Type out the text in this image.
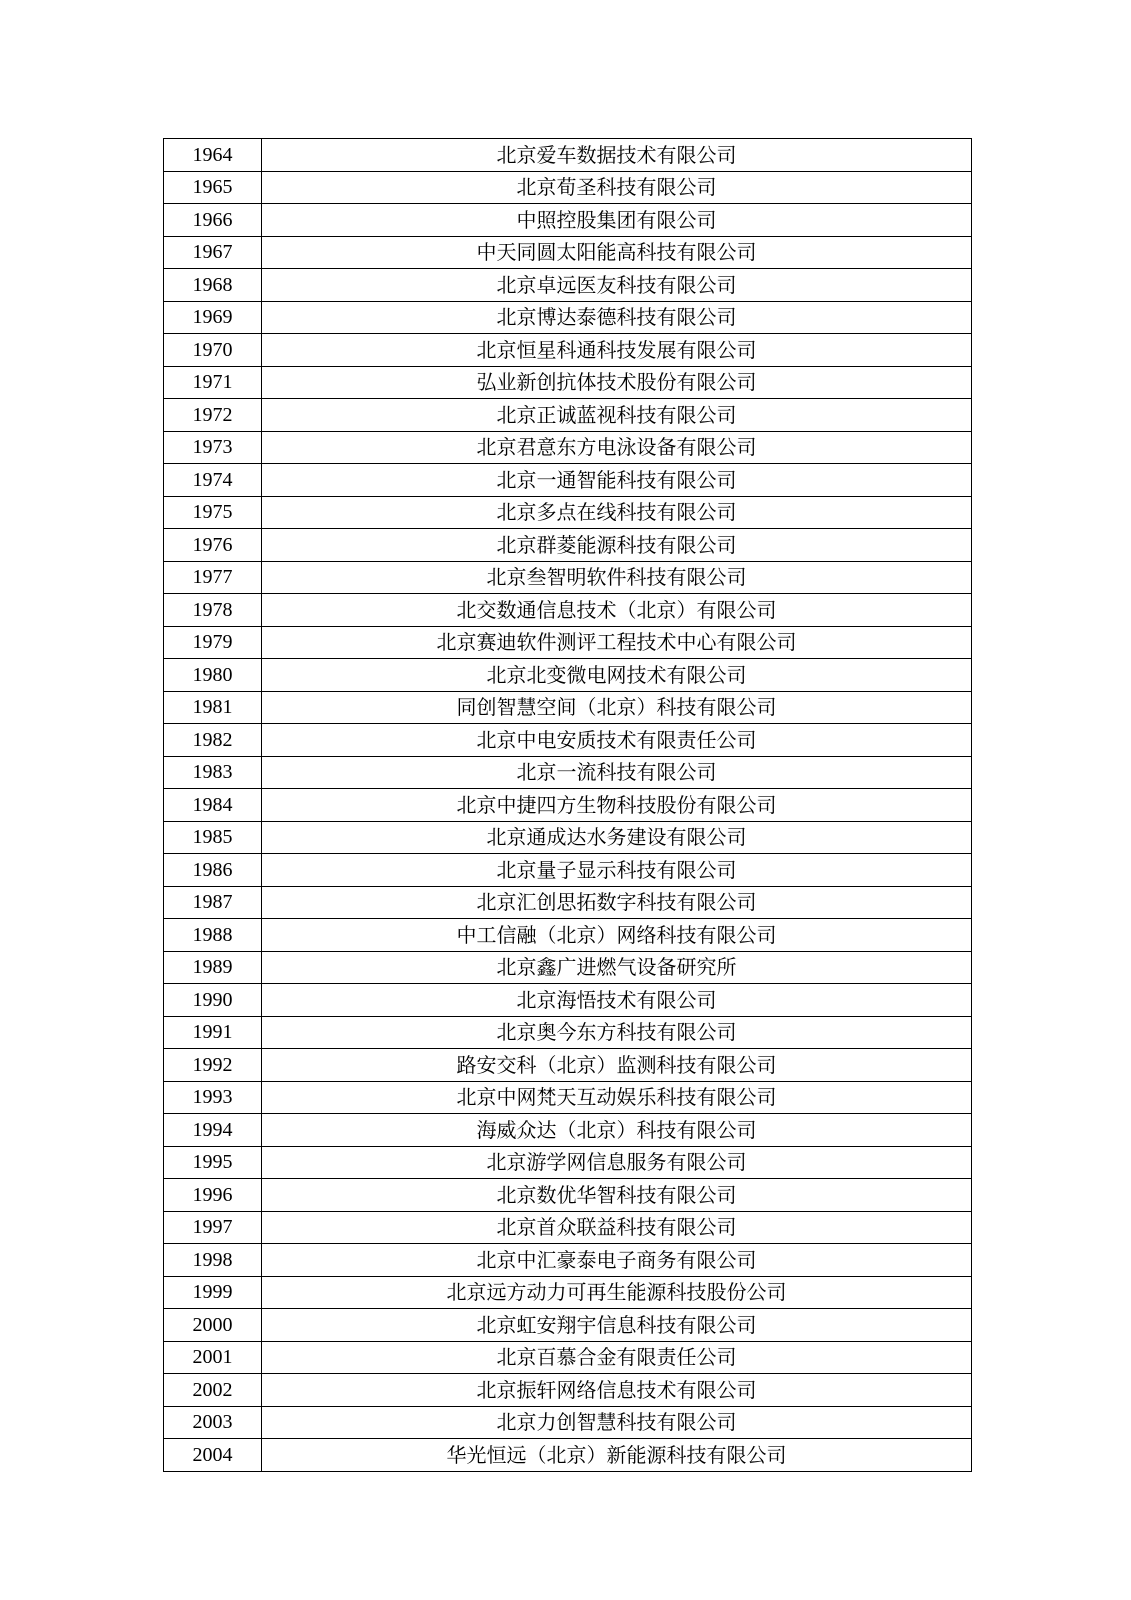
1964	北京爱车数据技术有限公司
1965	北京荀圣科技有限公司
1966	中照控股集团有限公司
1967	中天同圆太阳能高科技有限公司
1968	北京卓远医友科技有限公司
1969	北京博达泰德科技有限公司
1970	北京恒星科通科技发展有限公司
1971	弘业新创抗体技术股份有限公司
1972	北京正诚蓝视科技有限公司
1973	北京君意东方电泳设备有限公司
1974	北京一通智能科技有限公司
1975	北京多点在线科技有限公司
1976	北京群菱能源科技有限公司
1977	北京叁智明软件科技有限公司
1978	北交数通信息技术（北京）有限公司
1979	北京赛迪软件测评工程技术中心有限公司
1980	北京北变微电网技术有限公司
1981	同创智慧空间（北京）科技有限公司
1982	北京中电安质技术有限责任公司
1983	北京一流科技有限公司
1984	北京中捷四方生物科技股份有限公司
1985	北京通成达水务建设有限公司
1986	北京量子显示科技有限公司
1987	北京汇创思拓数字科技有限公司
1988	中工信融（北京）网络科技有限公司
1989	北京鑫广进燃气设备研究所
1990	北京海悟技术有限公司
1991	北京奥今东方科技有限公司
1992	路安交科（北京）监测科技有限公司
1993	北京中网梵天互动娱乐科技有限公司
1994	海威众达（北京）科技有限公司
1995	北京游学网信息服务有限公司
1996	北京数优华智科技有限公司
1997	北京首众联益科技有限公司
1998	北京中汇豪泰电子商务有限公司
1999	北京远方动力可再生能源科技股份公司
2000	北京虹安翔宇信息科技有限公司
2001	北京百慕合金有限责任公司
2002	北京振轩网络信息技术有限公司
2003	北京力创智慧科技有限公司
2004	华光恒远（北京）新能源科技有限公司
